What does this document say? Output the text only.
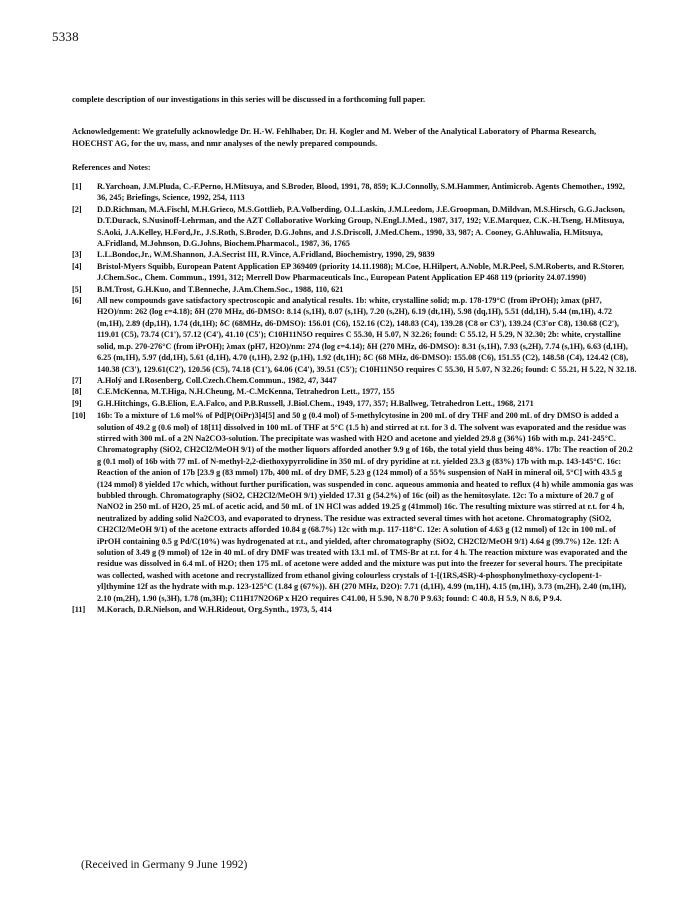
5338
complete description of our investigations in this series will be discussed in a forthcoming full paper.
Acknowledgement: We gratefully acknowledge Dr. H.-W. Fehlhaber, Dr. H. Kogler and M. Weber of the Analytical Laboratory of Pharma Research, HOECHST AG, for the uv, mass, and nmr analyses of the newly prepared compounds.
References and Notes:
[1]	R.Yarchoan, J.M.Pluda, C.-F.Perno, H.Mitsuya, and S.Broder, Blood, 1991, 78, 859; K.J.Connolly, S.M.Hammer, Antimicrob. Agents Chemother., 1992, 36, 245; Briefings, Science, 1992, 254, 1113
[2]	D.D.Richman, M.A.Fischl, M.H.Grieco, M.S.Gottlieb, P.A.Volberding, O.L.Laskin, J.M.Leedom, J.E.Groopman, D.Mildvan, M.S.Hirsch, G.G.Jackson, D.T.Durack, S.Nusinoff-Lehrman, and the AZT Collaborative Working Group, N.Engl.J.Med., 1987, 317, 192; V.E.Marquez, C.K.-H.Tseng, H.Mitsuya, S.Aoki, J.A.Kelley, H.Ford,Jr., J.S.Roth, S.Broder, D.G.Johns, and J.S.Driscoll, J.Med.Chem., 1990, 33, 987; A. Cooney, G.Ahluwalia, H.Mitsuya, A.Fridland, M.Johnson, D.G.Johns, Biochem.Pharmacol., 1987, 36, 1765
[3]	L.L.Bondoc,Jr., W.M.Shannon, J.A.Secrist III, R.Vince, A.Fridland, Biochemistry, 1990, 29, 9839
[4]	Bristol-Myers Squibb, European Patent Application EP 369409 (priority 14.11.1988); M.Coe, H.Hilpert, A.Noble, M.R.Peel, S.M.Roberts, and R.Storer, J.Chem.Soc., Chem. Commun., 1991, 312; Merrell Dow Pharmaceuticals Inc., European Patent Application EP 468 119 (priority 24.07.1990)
[5]	B.M.Trost, G.H.Kuo, and T.Benneche, J.Am.Chem.Soc., 1988, 110, 621
[6]	All new compounds gave satisfactory spectroscopic and analytical results. 1b: white, crystalline solid; m.p. 178-179°C (from iPrOH); λmax (pH7, H2O)/nm: 262 (log ε=4.18); δH (270 MHz, d6-DMSO: 8.14 (s,1H), 8.07 (s,1H), 7.20 (s,2H), 6.19 (dt,1H), 5.98 (dq,1H), 5.51 (dd,1H), 5.44 (m,1H), 4.72 (m,1H), 2.89 (dp,1H), 1.74 (dt,1H); δC (68MHz, d6-DMSO): 156.01 (C6), 152.16 (C2), 148.83 (C4), 139.28 (C8 or C3'), 139.24 (C3'or C8), 130.68 (C2'), 119.01 (C5), 73.74 (C1'), 57.12 (C4'), 41.10 (C5'); C10H11N5O requires C 55.30, H 5.07, N 32.26; found: C 55.12, H 5.29, N 32.30; 2b: white, crystalline solid, m.p. 270-276°C (from iPrOH); λmax (pH7, H2O)/nm: 274 (log ε=4.14); δH (270 MHz, d6-DMSO): 8.31 (s,1H), 7.93 (s,2H), 7.74 (s,1H), 6.63 (d,1H), 6.25 (m,1H), 5.97 (dd,1H), 5.61 (d,1H), 4.70 (t,1H), 2.92 (p,1H), 1.92 (dt,1H); δC (68 MHz, d6-DMSO): 155.08 (C6), 151.55 (C2), 148.58 (C4), 124.42 (C8), 140.38 (C3'), 129.61(C2'), 120.56 (C5), 74.18 (C1'), 64.06 (C4'), 39.51 (C5'); C10H11N5O requires C 55.30, H 5.07, N 32.26; found: C 55.21, H 5.22, N 32.18.
[7]	A.Holý and I.Rosenberg, Coll.Czech.Chem.Commun., 1982, 47, 3447
[8]	C.E.McKenna, M.T.Higa, N.H.Cheung, M.-C.McKenna, Tetrahedron Lett., 1977, 155
[9]	G.H.Hitchings, G.B.Elion, E.A.Falco, and P.B.Russell, J.Biol.Chem., 1949, 177, 357; H.Ballweg, Tetrahedron Lett., 1968, 2171
[10]	16b: To a mixture of 1.6 mol% of Pd[P(OiPr)3]4[5] and 50 g (0.4 mol) of 5-methylcytosine in 200 mL of dry THF and 200 mL of dry DMSO is added a solution of 49.2 g (0.6 mol) of 18[11] dissolved in 100 mL of THF at 5°C (1.5 h) and stirred at r.t. for 3 d. The solvent was evaporated and the residue was stirred with 300 mL of a 2N Na2CO3-solution. The precipitate was washed with H2O and acetone and yielded 29.8 g (36%) 16b with m.p. 241-245°C. Chromatography (SiO2, CH2Cl2/MeOH 9/1) of the mother liquors afforded another 9.9 g of 16b, the total yield thus being 48%. 17b: The reaction of 20.2 g (0.1 mol) of 16b with 77 mL of N-methyl-2,2-diethoxypyrrolidine in 350 mL of dry pyridine at r.t. yielded 23.3 g (83%) 17b with m.p. 143-145°C. 16c: Reaction of the anion of 17b [23.9 g (83 mmol) 17b, 400 mL of dry DMF, 5.23 g (124 mmol) of a 55% suspension of NaH in mineral oil, 5°C] with 43.5 g (124 mmol) 8 yielded 17c which, without further purification, was suspended in conc. aqueous ammonia and heated to reflux (4 h) while ammonia gas was bubbled through. Chromatography (SiO2, CH2Cl2/MeOH 9/1) yielded 17.31 g (54.2%) of 16c (oil) as the hemitosylate. 12c: To a mixture of 20.7 g of NaNO2 in 250 mL of H2O, 25 mL of acetic acid, and 50 mL of 1N HCl was added 19.25 g (41mmol) 16c. The resulting mixture was stirred at r.t. for 4 h, neutralized by adding solid Na2CO3, and evaporated to dryness. The residue was extracted several times with hot acetone. Chromatography (SiO2, CH2Cl2/MeOH 9/1) of the acetone extracts afforded 10.84 g (68.7%) 12c with m.p. 117-118°C. 12e: A solution of 4.63 g (12 mmol) of 12c in 100 mL of iPrOH containing 0.5 g Pd/C(10%) was hydrogenated at r.t., and yielded, after chromatography (SiO2, CH2Cl2/MeOH 9/1) 4.64 g (99.7%) 12e. 12f: A solution of 3.49 g (9 mmol) of 12e in 40 mL of dry DMF was treated with 13.1 mL of TMS-Br at r.t. for 4 h. The reaction mixture was evaporated and the residue was dissolved in 6.4 mL of H2O; then 175 mL of acetone were added and the mixture was put into the freezer for several hours. The precipitate was collected, washed with acetone and recrystallized from ethanol giving colourless crystals of 1-[(1RS,4SR)-4-phosphonylmethoxy-cyclopent-1-yl]thymine 12f as the hydrate with m.p. 123-125°C (1.84 g (67%)). δH (270 MHz, D2O): 7.71 (d,1H), 4.99 (m,1H), 4.15 (m,1H), 3.73 (m,2H), 2.40 (m,1H), 2.10 (m,2H), 1.90 (s,3H), 1.78 (m,3H); C11H17N2O6P x H2O requires C41.00, H 5.90, N 8.70 P 9.63; found: C 40.8, H 5.9, N 8.6, P 9.4.
[11]	M.Korach, D.R.Nielson, and W.H.Rideout, Org.Synth., 1973, 5, 414
(Received in Germany 9 June 1992)
